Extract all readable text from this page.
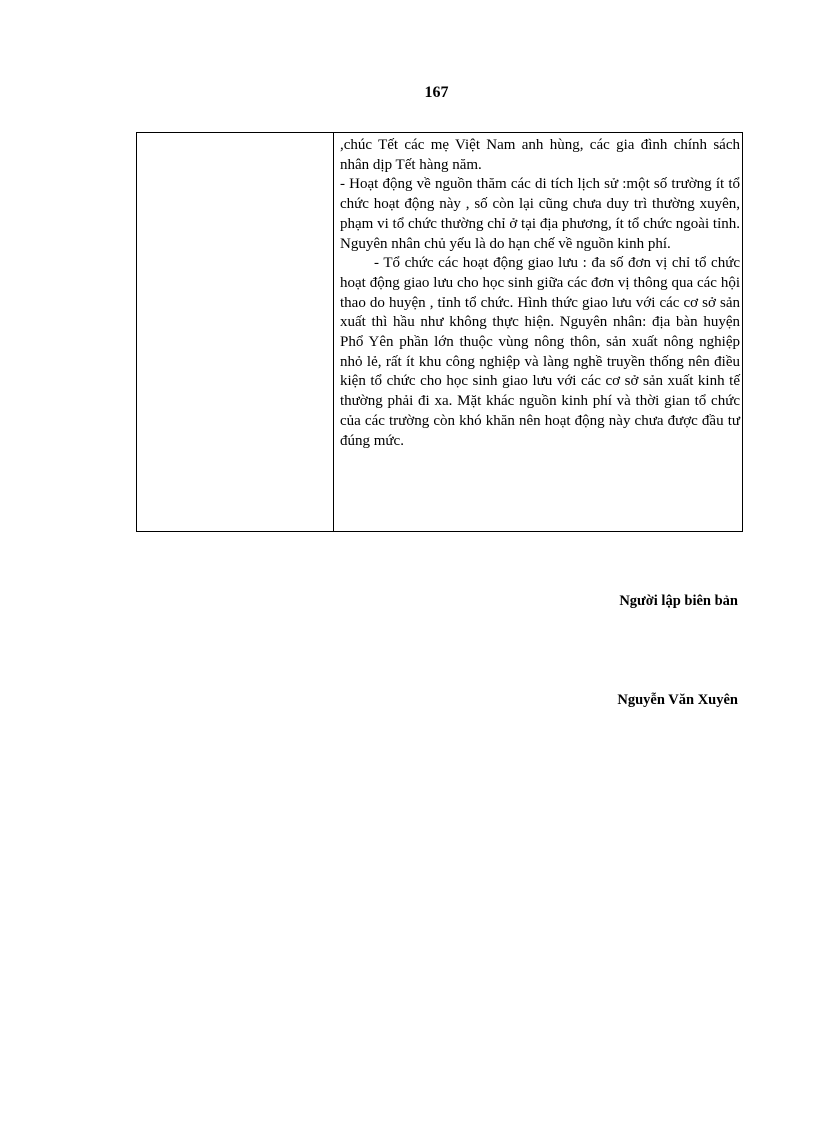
167

,chúc Tết các mẹ Việt Nam anh hùng, các gia đình chính sách nhân dịp Tết hàng năm.

- Hoạt động về nguồn thăm các di tích lịch sử :một số trường ít tổ chức hoạt động này , số còn lại cũng chưa duy trì thường xuyên, phạm vi tổ chức thường chỉ ở tại địa phương, ít tổ chức ngoài tỉnh. Nguyên nhân chủ yếu là do hạn chế về nguồn kinh phí.

- Tổ chức các hoạt động giao lưu : đa số đơn vị chỉ tổ chức hoạt động giao lưu cho học sinh giữa các đơn vị thông qua các hội thao do huyện , tỉnh tổ chức. Hình thức giao lưu với các cơ sở sản xuất thì hầu như không thực hiện. Nguyên nhân: địa bàn huyện Phổ Yên phần lớn thuộc vùng nông thôn, sản xuất nông nghiệp nhỏ lẻ, rất ít khu công nghiệp và làng nghề truyền thống nên điều kiện tổ chức cho học sinh giao lưu với các cơ sở sản xuất kinh tế thường phải đi xa. Mặt khác nguồn kinh phí và thời gian tổ chức của các trường còn khó khăn nên hoạt động này chưa được đầu tư đúng mức.

Người lập biên bản
Nguyễn Văn Xuyên
